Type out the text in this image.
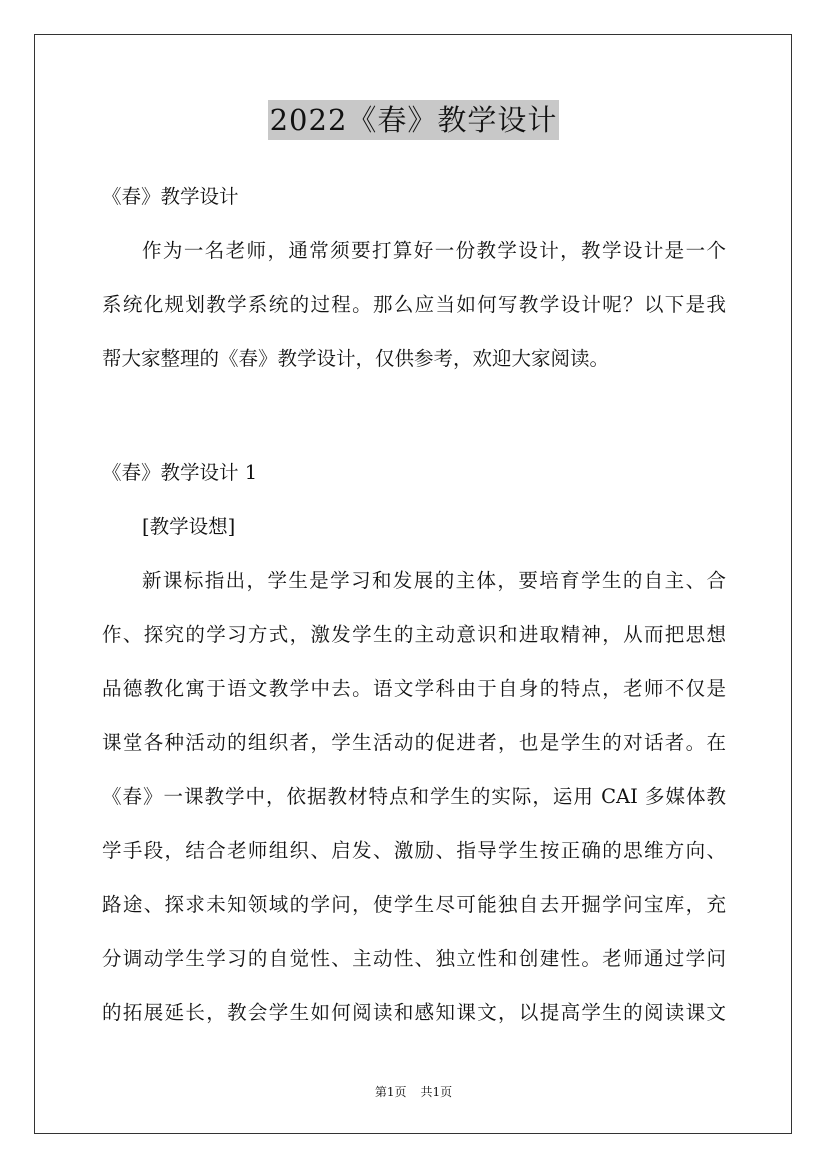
2022《春》教学设计
《春》教学设计
作为一名老师，通常须要打算好一份教学设计，教学设计是一个
系统化规划教学系统的过程。那么应当如何写教学设计呢？以下是我
帮大家整理的《春》教学设计，仅供参考，欢迎大家阅读。
《春》教学设计 1
[教学设想]
新课标指出，学生是学习和发展的主体，要培育学生的自主、合
作、探究的学习方式，激发学生的主动意识和进取精神，从而把思想
品德教化寓于语文教学中去。语文学科由于自身的特点，老师不仅是
课堂各种活动的组织者，学生活动的促进者，也是学生的对话者。在
《春》一课教学中，依据教材特点和学生的实际，运用 CAI 多媒体教
学手段，结合老师组织、启发、激励、指导学生按正确的思维方向、
路途、探求未知领域的学问，使学生尽可能独自去开掘学问宝库，充
分调动学生学习的自觉性、主动性、独立性和创建性。老师通过学问
的拓展延长，教会学生如何阅读和感知课文，以提高学生的阅读课文
第1页 共1页
